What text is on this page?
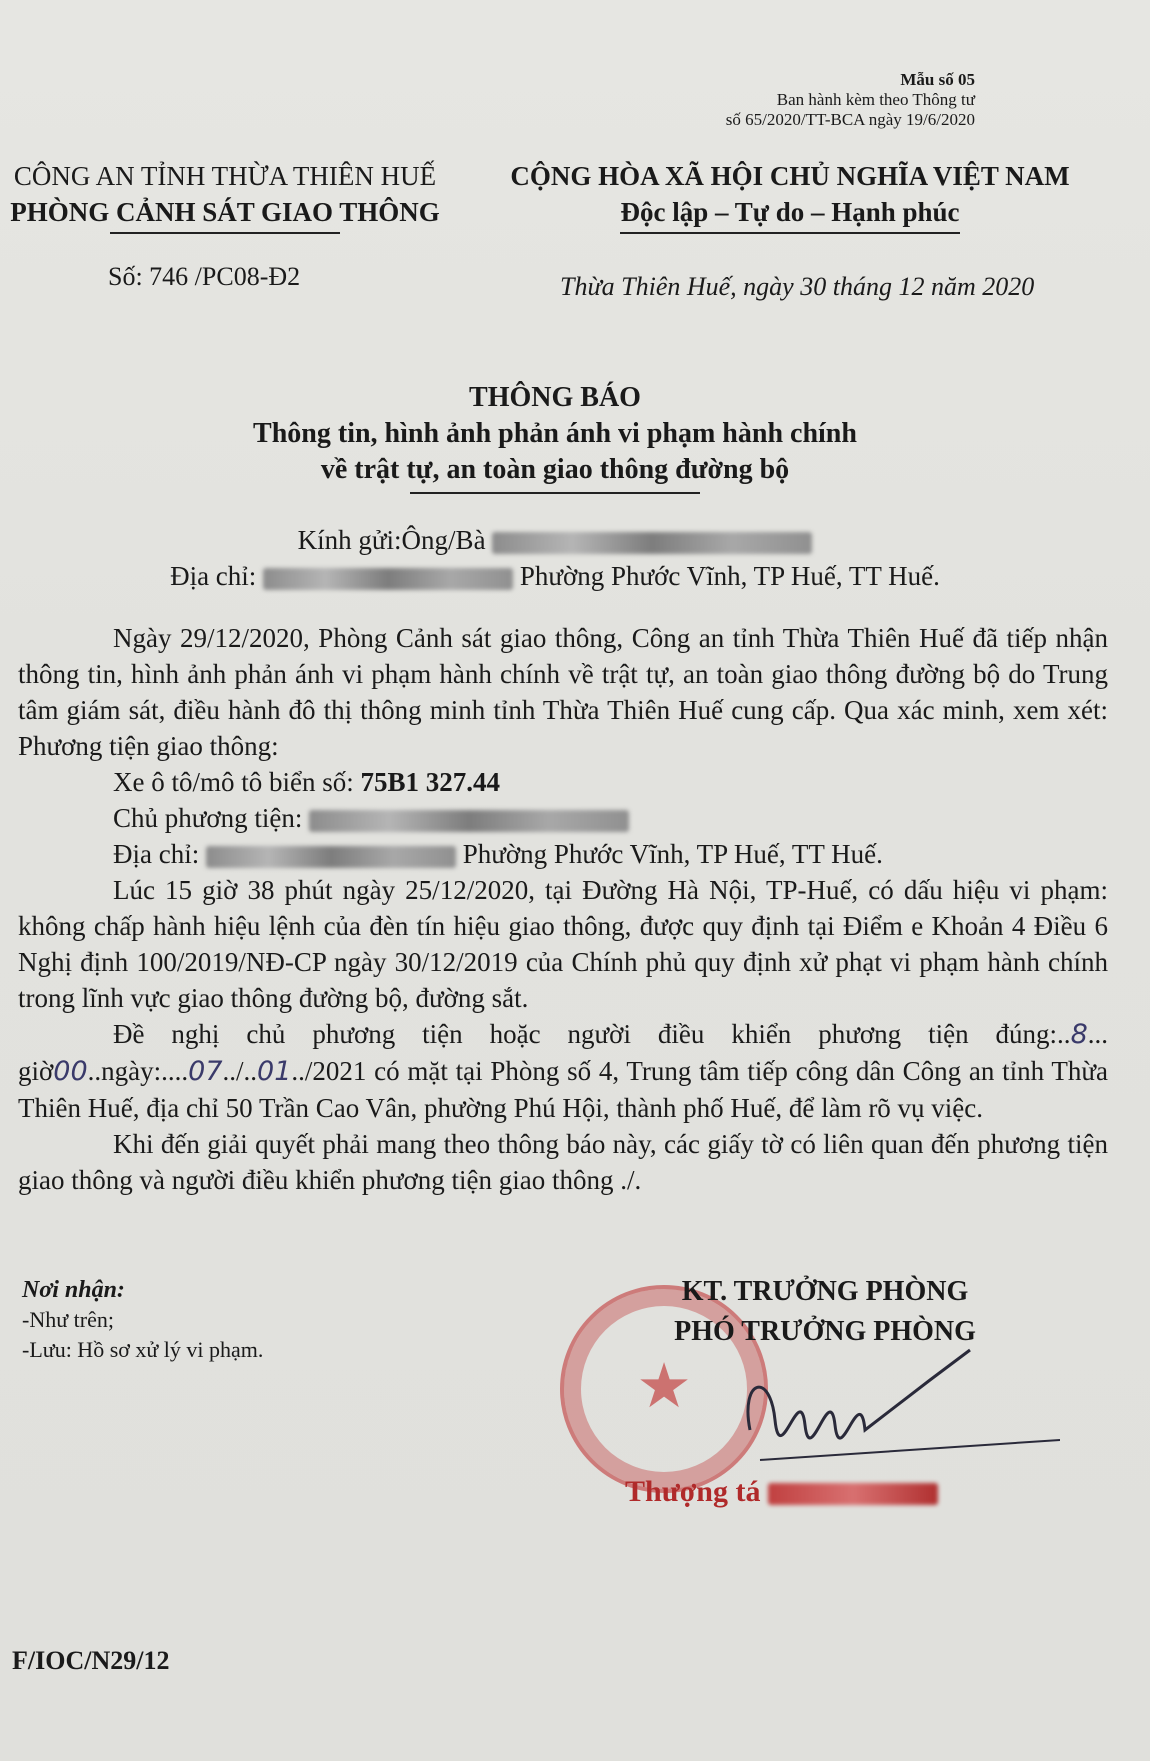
Mẫu số 05
Ban hành kèm theo Thông tư
số 65/2020/TT-BCA ngày 19/6/2020
CÔNG AN TỈNH THỪA THIÊN HUẾ
PHÒNG CẢNH SÁT GIAO THÔNG
CỘNG HÒA XÃ HỘI CHỦ NGHĨA VIỆT NAM
Độc lập – Tự do – Hạnh phúc
Số: 746 /PC08-Đ2	Thừa Thiên Huế, ngày 30 tháng 12 năm 2020
THÔNG BÁO
Thông tin, hình ảnh phản ánh vi phạm hành chính
về trật tự, an toàn giao thông đường bộ
Kính gửi:Ông/Bà
Địa chỉ:	Phường Phước Vĩnh, TP Huế, TT Huế.

Ngày 29/12/2020, Phòng Cảnh sát giao thông, Công an tỉnh Thừa Thiên Huế đã tiếp nhận thông tin, hình ảnh phản ánh vi phạm hành chính về trật tự, an toàn giao thông đường bộ do Trung tâm giám sát, điều hành đô thị thông minh tỉnh Thừa Thiên Huế cung cấp. Qua xác minh, xem xét: Phương tiện giao thông:

Xe ô tô/mô tô biển số: 75B1 327.44

Chủ phương tiện:

Địa chỉ:	Phường Phước Vĩnh, TP Huế, TT Huế.

Lúc 15 giờ 38 phút ngày 25/12/2020, tại Đường Hà Nội, TP-Huế, có dấu hiệu vi phạm: không chấp hành hiệu lệnh của đèn tín hiệu giao thông, được quy định tại Điểm e Khoản 4 Điều 6 Nghị định 100/2019/NĐ-CP ngày 30/12/2019 của Chính phủ quy định xử phạt vi phạm hành chính trong lĩnh vực giao thông đường bộ, đường sắt.

Đề nghị chủ phương tiện hoặc người điều khiển phương tiện đúng:..8... giờ00..ngày:....07../..01../2021 có mặt tại Phòng số 4, Trung tâm tiếp công dân Công an tỉnh Thừa Thiên Huế, địa chỉ 50 Trần Cao Vân, phường Phú Hội, thành phố Huế, để làm rõ vụ việc.

Khi đến giải quyết phải mang theo thông báo này, các giấy tờ có liên quan đến phương tiện giao thông và người điều khiển phương tiện giao thông ./.

Nơi nhận:
-Như trên;
-Lưu: Hồ sơ xử lý vi phạm.	★
KT. TRƯỞNG PHÒNG
PHÓ TRƯỞNG PHÒNG
Thượng tá
F/IOC/N29/12
